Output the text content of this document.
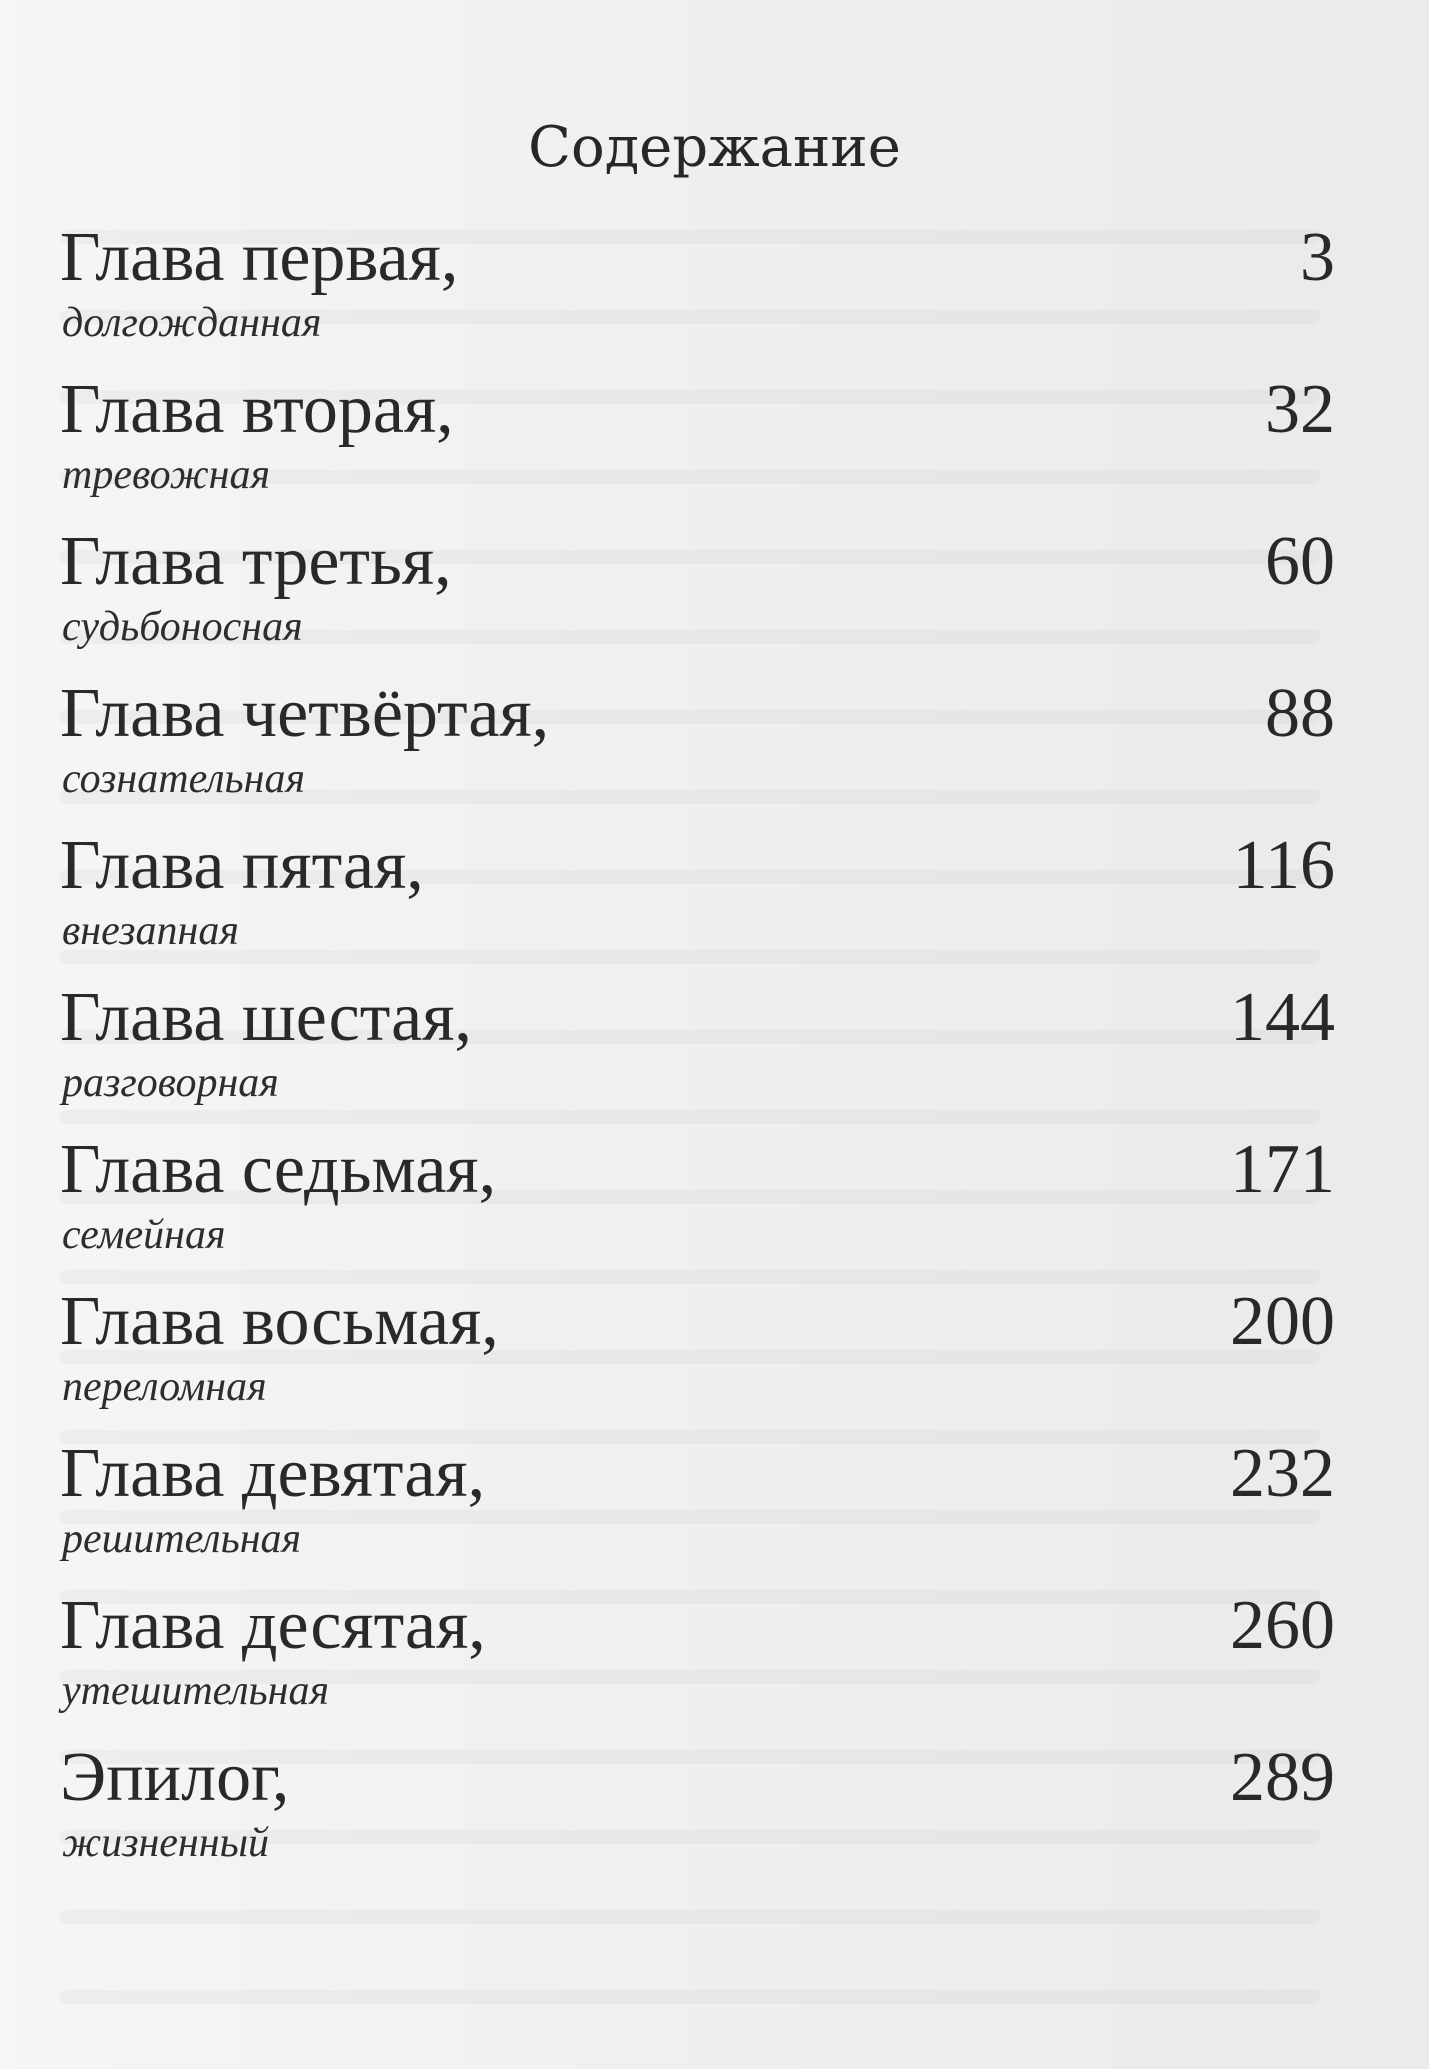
Содержание
Глава первая,	3
долгожданная
Глава вторая,	32
тревожная
Глава третья,	60
судьбоносная
Глава четвёртая,	88
сознательная
Глава пятая,	116
внезапная
Глава шестая,	144
разговорная
Глава седьмая,	171
семейная
Глава восьмая,	200
переломная
Глава девятая,	232
решительная
Глава десятая,	260
утешительная
Эпилог,	289
жизненный
